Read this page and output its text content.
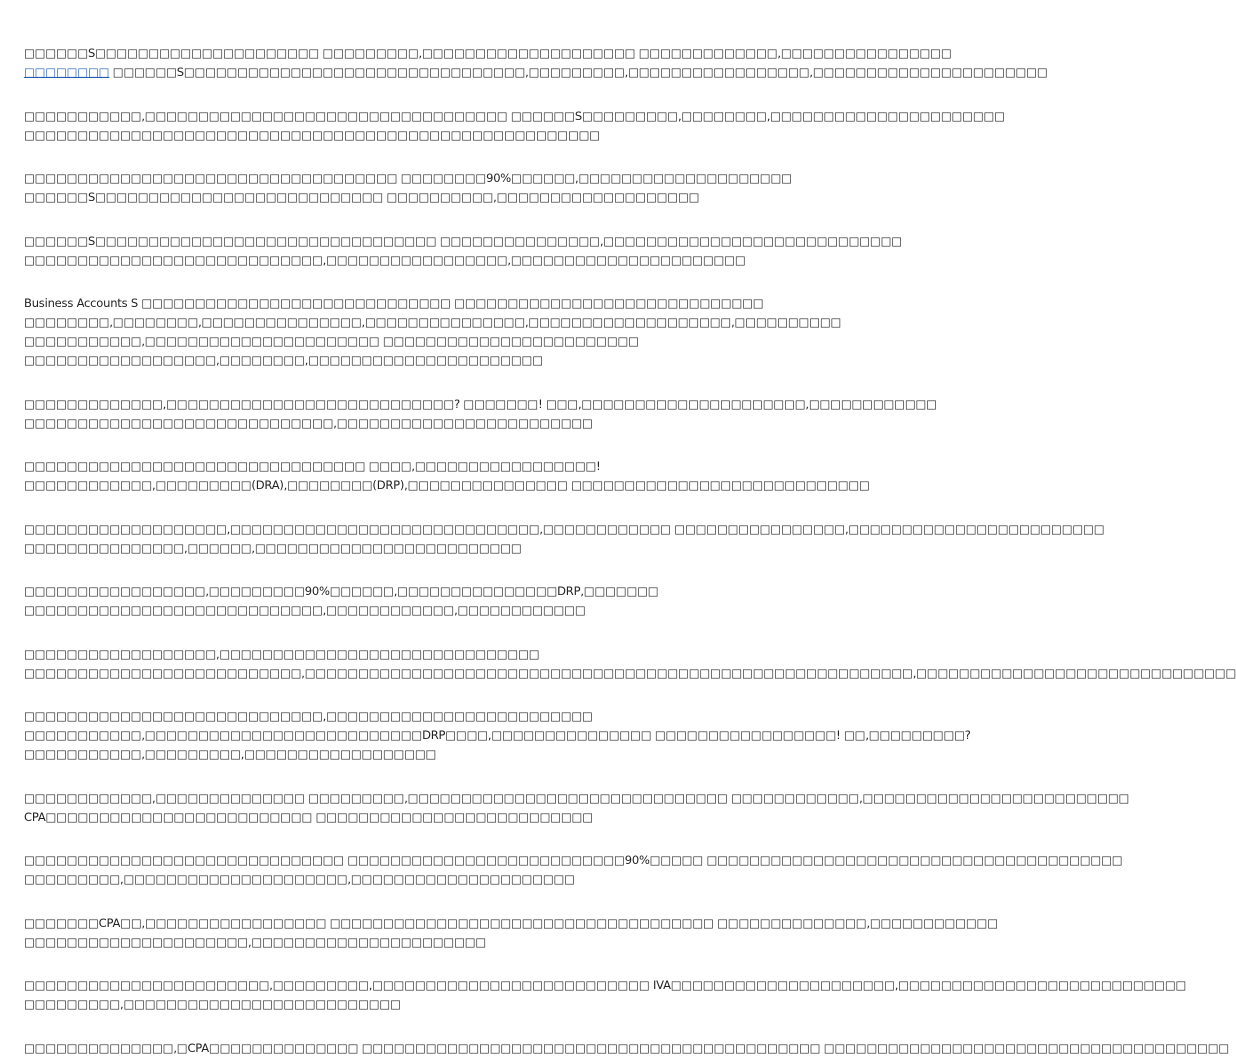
□□□□□□S□□□□□□□□□□□□□□□□□□□□□ □□□□□□□□□,□□□□□□□□□□□□□□□□□□□□ □□□□□□□□□□□□□,□□□□□□□□□□□□□□□□
□□□□□□□□ □□□□□□S□□□□□□□□□□□□□□□□□□□□□□□□□□□□□□□□,□□□□□□□□□,□□□□□□□□□□□□□□□□□,□□□□□□□□□□□□□□□□□□□□□□

□□□□□□□□□□□,□□□□□□□□□□□□□□□□□□□□□□□□□□□□□□□□□□ □□□□□□S□□□□□□□□□,□□□□□□□□,□□□□□□□□□□□□□□□□□□□□□□
□□□□□□□□□□□□□□□□□□□□□□□□□□□□□□□□□□□□□□□□□□□□□□□□□□□□□□

□□□□□□□□□□□□□□□□□□□□□□□□□□□□□□□□□□□ □□□□□□□□90%□□□□□□,□□□□□□□□□□□□□□□□□□□□
□□□□□□S□□□□□□□□□□□□□□□□□□□□□□□□□□□ □□□□□□□□□□,□□□□□□□□□□□□□□□□□□□

□□□□□□S□□□□□□□□□□□□□□□□□□□□□□□□□□□□□□□□ □□□□□□□□□□□□□□□,□□□□□□□□□□□□□□□□□□□□□□□□□□□□
□□□□□□□□□□□□□□□□□□□□□□□□□□□□,□□□□□□□□□□□□□□□□□,□□□□□□□□□□□□□□□□□□□□□□

Business Accounts S □□□□□□□□□□□□□□□□□□□□□□□□□□□□□ □□□□□□□□□□□□□□□□□□□□□□□□□□□□□
□□□□□□□□,□□□□□□□□,□□□□□□□□□□□□□□□,□□□□□□□□□□□□□□□,□□□□□□□□□□□□□□□□□□□,□□□□□□□□□□
□□□□□□□□□□□,□□□□□□□□□□□□□□□□□□□□□□ □□□□□□□□□□□□□□□□□□□□□□□□
□□□□□□□□□□□□□□□□□□,□□□□□□□□,□□□□□□□□□□□□□□□□□□□□□□

□□□□□□□□□□□□□,□□□□□□□□□□□□□□□□□□□□□□□□□□□? □□□□□□□! □□□,□□□□□□□□□□□□□□□□□□□□□,□□□□□□□□□□□□
□□□□□□□□□□□□□□□□□□□□□□□□□□□□□,□□□□□□□□□□□□□□□□□□□□□□□□

□□□□□□□□□□□□□□□□□□□□□□□□□□□□□□□□ □□□□,□□□□□□□□□□□□□□□□□!
□□□□□□□□□□□□,□□□□□□□□□(DRA),□□□□□□□□(DRP),□□□□□□□□□□□□□□□ □□□□□□□□□□□□□□□□□□□□□□□□□□□□

□□□□□□□□□□□□□□□□□□□,□□□□□□□□□□□□□□□□□□□□□□□□□□□□□,□□□□□□□□□□□□ □□□□□□□□□□□□□□□□,□□□□□□□□□□□□□□□□□□□□□□□□
□□□□□□□□□□□□□□□,□□□□□□,□□□□□□□□□□□□□□□□□□□□□□□□□

□□□□□□□□□□□□□□□□□,□□□□□□□□□90%□□□□□□,□□□□□□□□□□□□□□□DRP,□□□□□□□
□□□□□□□□□□□□□□□□□□□□□□□□□□□□,□□□□□□□□□□□□,□□□□□□□□□□□□

□□□□□□□□□□□□□□□□□□,□□□□□□□□□□□□□□□□□□□□□□□□□□□□□□
□□□□□□□□□□□□□□□□□□□□□□□□□□,□□□□□□□□□□□□□□□□□□□□□□□□□□□□□□□□□□□□□□□□□□□□□□□□□□□□□□□□□,□□□□□□□□□□□□□□□□□□□□□□□□□□□□□□

□□□□□□□□□□□□□□□□□□□□□□□□□□□□,□□□□□□□□□□□□□□□□□□□□□□□□□
□□□□□□□□□□□,□□□□□□□□□□□□□□□□□□□□□□□□□□DRP□□□□,□□□□□□□□□□□□□□□ □□□□□□□□□□□□□□□□□! □□,□□□□□□□□□?
□□□□□□□□□□□,□□□□□□□□□,□□□□□□□□□□□□□□□□□□

□□□□□□□□□□□□,□□□□□□□□□□□□□□ □□□□□□□□□,□□□□□□□□□□□□□□□□□□□□□□□□□□□□□□ □□□□□□□□□□□□,□□□□□□□□□□□□□□□□□□□□□□□□□
CPA□□□□□□□□□□□□□□□□□□□□□□□□□ □□□□□□□□□□□□□□□□□□□□□□□□□□

□□□□□□□□□□□□□□□□□□□□□□□□□□□□□□ □□□□□□□□□□□□□□□□□□□□□□□□□□90%□□□□□ □□□□□□□□□□□□□□□□□□□□□□□□□□□□□□□□□□□□□□□
□□□□□□□□□,□□□□□□□□□□□□□□□□□□□□□,□□□□□□□□□□□□□□□□□□□□□

□□□□□□□CPA□□,□□□□□□□□□□□□□□□□□ □□□□□□□□□□□□□□□□□□□□□□□□□□□□□□□□□□□□ □□□□□□□□□□□□□□,□□□□□□□□□□□□
□□□□□□□□□□□□□□□□□□□□□,□□□□□□□□□□□□□□□□□□□□□□

□□□□□□□□□□□□□□□□□□□□□□□,□□□□□□□□□,□□□□□□□□□□□□□□□□□□□□□□□□□□ IVA□□□□□□□□□□□□□□□□□□□□□,□□□□□□□□□□□□□□□□□□□□□□□□□□□
□□□□□□□□□,□□□□□□□□□□□□□□□□□□□□□□□□□□

□□□□□□□□□□□□□□,□CPA□□□□□□□□□□□□□□ □□□□□□□□□□□□□□□□□□□□□□□□□□□□□□□□□□□□□□□□□□□ □□□□□□□□□□□□□□□□□□□□□□□□□□□□□□□□□□□□□□
